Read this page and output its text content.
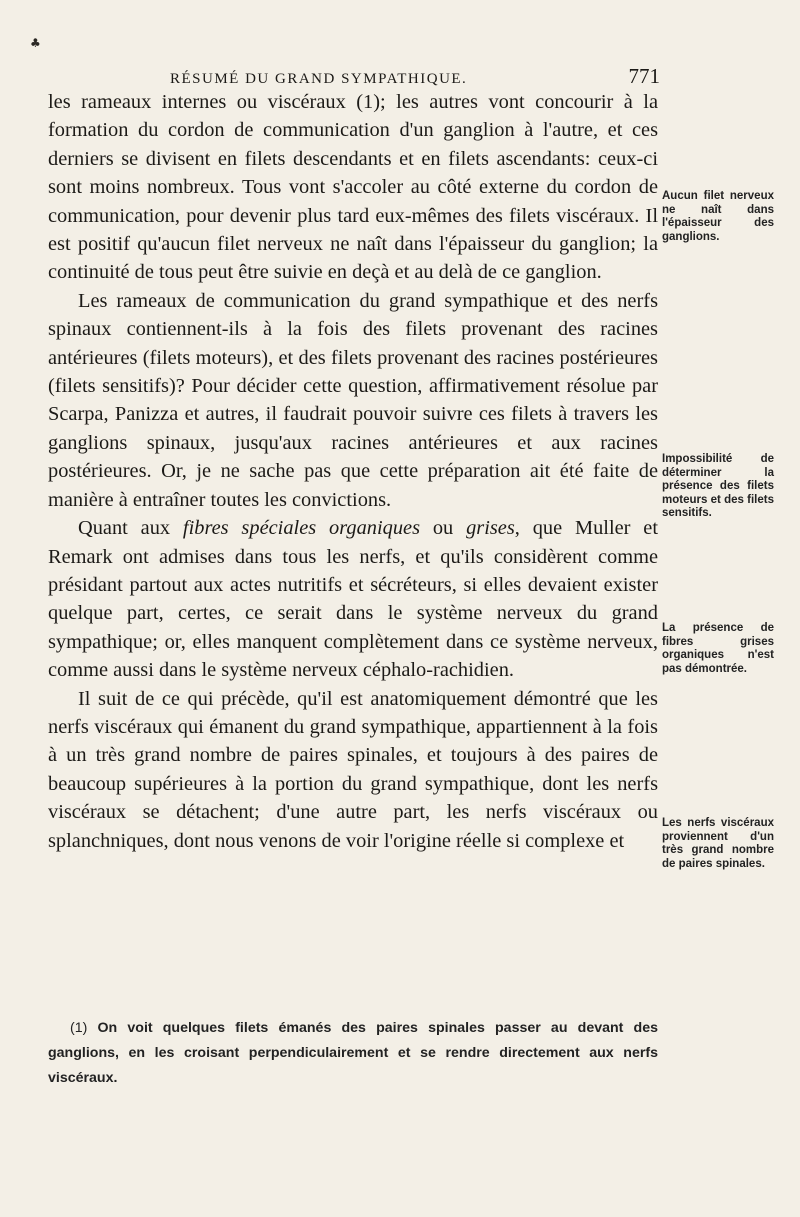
♣
RÉSUMÉ DU GRAND SYMPATHIQUE.	771

les rameaux internes ou viscéraux (1); les autres vont concourir à la formation du cordon de communication d'un ganglion à l'autre, et ces derniers se divisent en filets descendants et en filets ascendants: ceux-ci sont moins nombreux. Tous vont s'accoler au côté externe du cordon de communication, pour devenir plus tard eux-mêmes des filets viscéraux. Il est positif qu'aucun filet nerveux ne naît dans l'épaisseur du ganglion; la continuité de tous peut être suivie en deçà et au delà de ce ganglion.

Les rameaux de communication du grand sympathique et des nerfs spinaux contiennent-ils à la fois des filets provenant des racines antérieures (filets moteurs), et des filets provenant des racines postérieures (filets sensitifs)? Pour décider cette question, affirmativement résolue par Scarpa, Panizza et autres, il faudrait pouvoir suivre ces filets à travers les ganglions spinaux, jusqu'aux racines antérieures et aux racines postérieures. Or, je ne sache pas que cette préparation ait été faite de manière à entraîner toutes les convictions.

Quant aux fibres spéciales organiques ou grises, que Muller et Remark ont admises dans tous les nerfs, et qu'ils considèrent comme présidant partout aux actes nutritifs et sécréteurs, si elles devaient exister quelque part, certes, ce serait dans le système nerveux du grand sympathique; or, elles manquent complètement dans ce système nerveux, comme aussi dans le système nerveux céphalo-rachidien.

Il suit de ce qui précède, qu'il est anatomiquement démontré que les nerfs viscéraux qui émanent du grand sympathique, appartiennent à la fois à un très grand nombre de paires spinales, et toujours à des paires de beaucoup supérieures à la portion du grand sympathique, dont les nerfs viscéraux se détachent; d'une autre part, les nerfs viscéraux ou splanchniques, dont nous venons de voir l'origine réelle si complexe et

(1) On voit quelques filets émanés des paires spinales passer au devant des ganglions, en les croisant perpendiculairement et se rendre directement aux nerfs viscéraux.

Aucun filet nerveux ne naît dans l'épaisseur des ganglions.
Impossibilité de déterminer la présence des filets moteurs et des filets sensitifs.
La présence de fibres grises organiques n'est pas démontrée.
Les nerfs viscéraux proviennent d'un très grand nombre de paires spinales.
